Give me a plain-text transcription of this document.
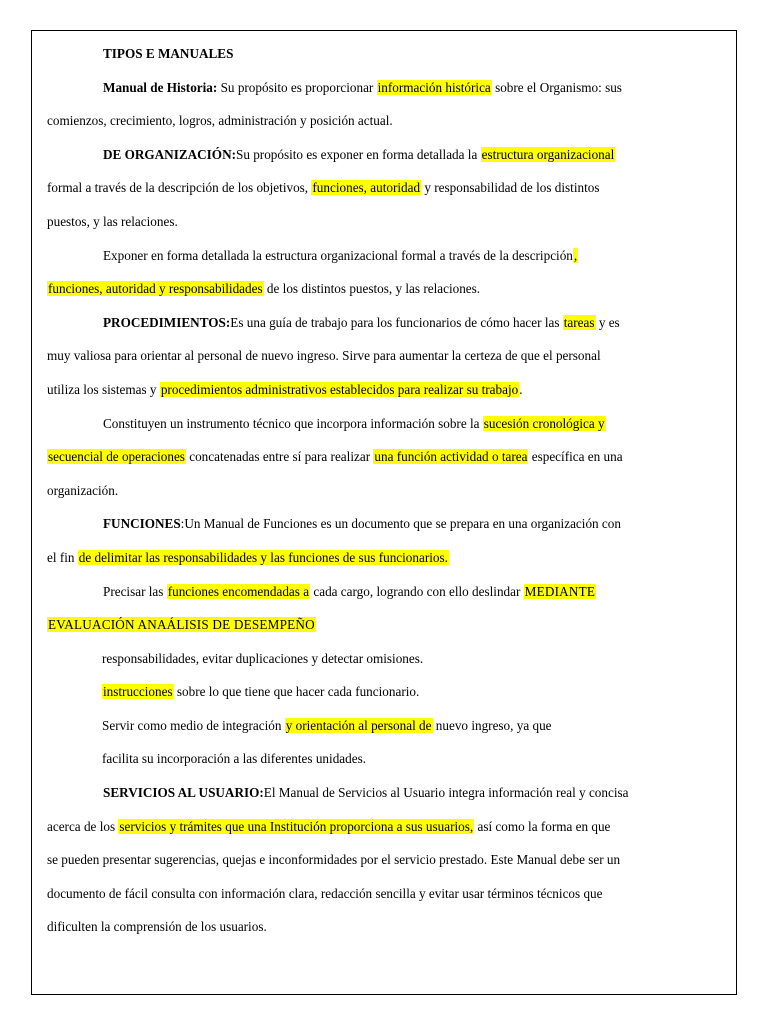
TIPOS E MANUALES
Manual de Historia: Su propósito es proporcionar información histórica sobre el Organismo: sus
comienzos, crecimiento, logros, administración y posición actual.
DE ORGANIZACIÓN:Su propósito es exponer en forma detallada la estructura organizacional
formal a través de la descripción de los objetivos, funciones, autoridad y responsabilidad de los distintos
puestos, y las relaciones.
Exponer en forma detallada la estructura organizacional formal a través de la descripción,
funciones, autoridad y responsabilidades de los distintos puestos, y las relaciones.
PROCEDIMIENTOS:Es una guía de trabajo para los funcionarios de cómo hacer las tareas y es
muy valiosa para orientar al personal de nuevo ingreso. Sirve para aumentar la certeza de que el personal
utiliza los sistemas y procedimientos administrativos establecidos para realizar su trabajo.
Constituyen un instrumento técnico que incorpora información sobre la sucesión cronológica y
secuencial de operaciones concatenadas entre sí para realizar una función actividad o tarea específica en una
organización.
FUNCIONES:Un Manual de Funciones es un documento que se prepara en una organización con
el fin de delimitar las responsabilidades y las funciones de sus funcionarios.
Precisar las funciones encomendadas a cada cargo, logrando con ello deslindar MEDIANTE
EVALUACIÓN ANAÁLISIS DE DESEMPEÑO
responsabilidades, evitar duplicaciones y detectar omisiones.
instrucciones sobre lo que tiene que hacer cada funcionario.
Servir como medio de integración y orientación al personal de nuevo ingreso, ya que
facilita su incorporación a las diferentes unidades.
SERVICIOS AL USUARIO:El Manual de Servicios al Usuario integra información real y concisa
acerca de los servicios y trámites que una Institución proporciona a sus usuarios, así como la forma en que
se pueden presentar sugerencias, quejas e inconformidades por el servicio prestado. Este Manual debe ser un
documento de fácil consulta con información clara, redacción sencilla y evitar usar términos técnicos que
dificulten la comprensión de los usuarios.
